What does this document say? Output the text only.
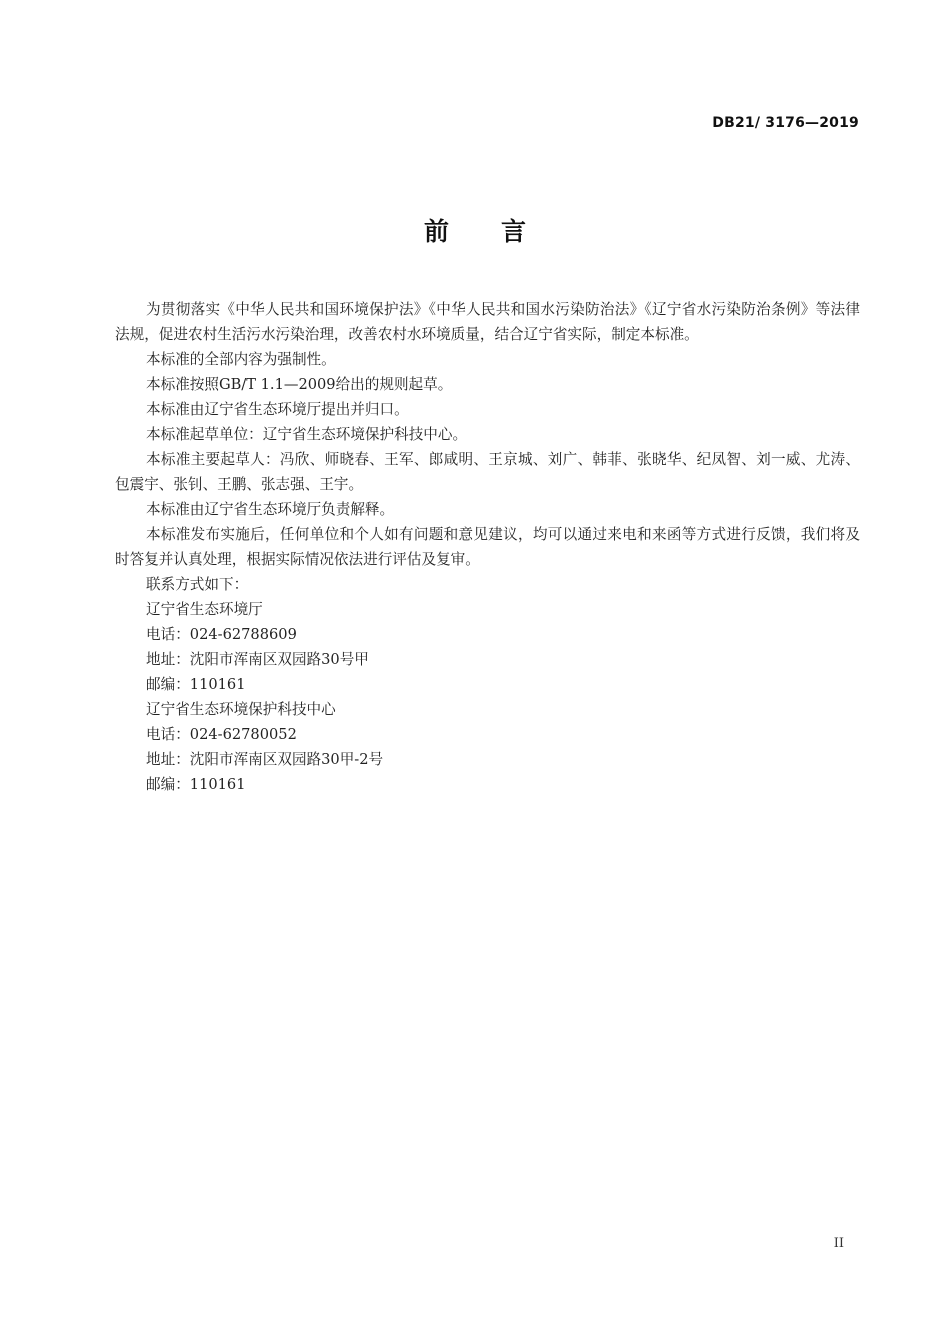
DB21/ 3176—2019
前言

为贯彻落实《中华人民共和国环境保护法》《中华人民共和国水污染防治法》《辽宁省水污染防治条例》等法律法规，促进农村生活污水污染治理，改善农村水环境质量，结合辽宁省实际，制定本标准。

本标准的全部内容为强制性。

本标准按照GB/T 1.1—2009给出的规则起草。

本标准由辽宁省生态环境厅提出并归口。

本标准起草单位：辽宁省生态环境保护科技中心。

本标准主要起草人：冯欣、师晓春、王军、郎咸明、王京城、刘广、韩菲、张晓华、纪凤智、刘一威、尤涛、包震宇、张钊、王鹏、张志强、王宇。

本标准由辽宁省生态环境厅负责解释。

本标准发布实施后，任何单位和个人如有问题和意见建议，均可以通过来电和来函等方式进行反馈，我们将及时答复并认真处理，根据实际情况依法进行评估及复审。

联系方式如下：

辽宁省生态环境厅

电话：024-62788609

地址：沈阳市浑南区双园路30号甲

邮编：110161

辽宁省生态环境保护科技中心

电话：024-62780052

地址：沈阳市浑南区双园路30甲-2号

邮编：110161

II
